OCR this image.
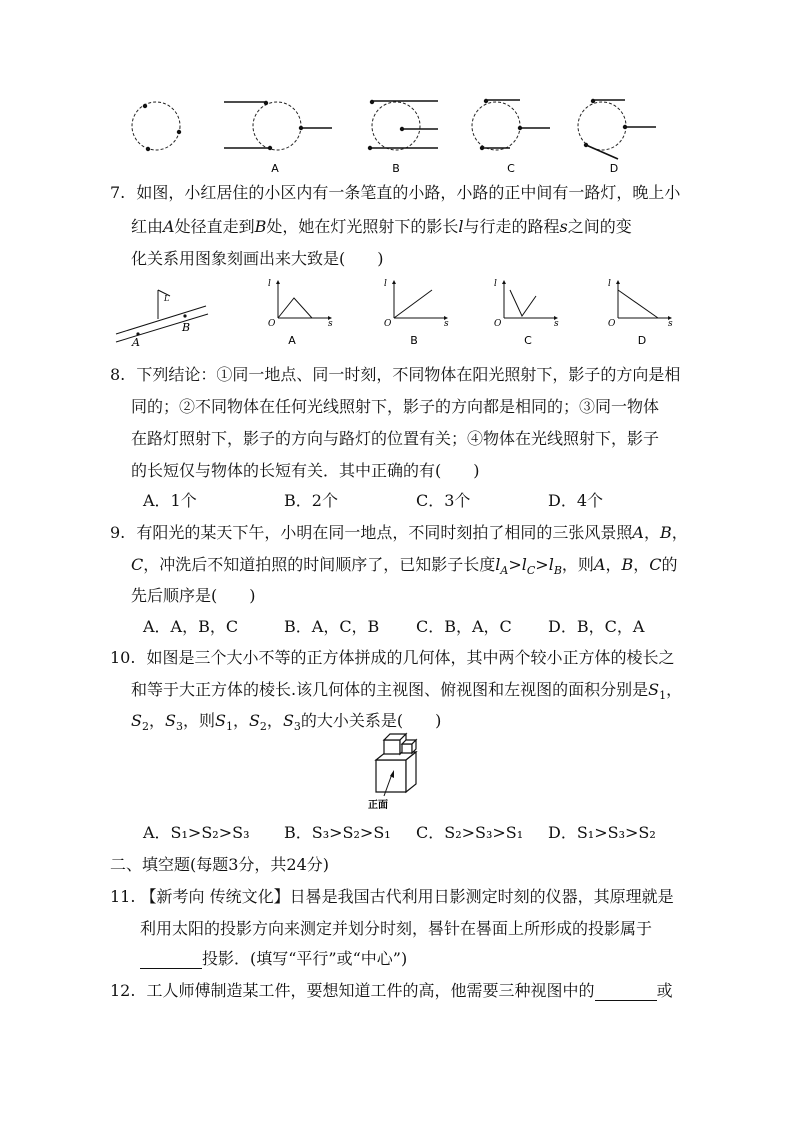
A	B	C	D
7. 如图，小红居住的小区内有一条笔直的小路，小路的正中间有一路灯，晚上小
红由A处径直走到B处，她在灯光照射下的影长l与行走的路程s之间的变
化关系用图象刻画出来大致是(　　)
L
A
B
l
s
O
A
l
s
O
B
l
s
O
C
l
s
O
D
8. 下列结论：①同一地点、同一时刻，不同物体在阳光照射下，影子的方向是相
同的；②不同物体在任何光线照射下，影子的方向都是相同的；③同一物体
在路灯照射下，影子的方向与路灯的位置有关；④物体在光线照射下，影子
的长短仅与物体的长短有关．其中正确的有(　　)
A．1个	B．2个	C．3个	D．4个
9. 有阳光的某天下午，小明在同一地点，不同时刻拍了相同的三张风景照A，B，
C，冲洗后不知道拍照的时间顺序了，已知影子长度$l_A>l_C>l_B$，则A，B，C的
先后顺序是(　　)
A．A，B，C	B．A，C，B C．B，A，C D．B，C，A
10. 如图是三个大小不等的正方体拼成的几何体，其中两个较小正方体的棱长之
和等于大正方体的棱长.该几何体的主视图、俯视图和左视图的面积分别是$S_1$，
$S_2$，$S_3$，则$S_1$，$S_2$，$S_3$的大小关系是(　　)
正面
A．S₁>S₂>S₃ B．S₃>S₂>S₁ C．S₂>S₃>S₁ D．S₁>S₃>S₂
二、填空题(每题3分，共24分)
11. 【新考向 传统文化】日晷是我国古代利用日影测定时刻的仪器，其原理就是
利用太阳的投影方向来测定并划分时刻，晷针在晷面上所形成的投影属于
投影．(填写“平行”或“中心”)
12. 工人师傅制造某工件，要想知道工件的高，他需要三种视图中的	或
